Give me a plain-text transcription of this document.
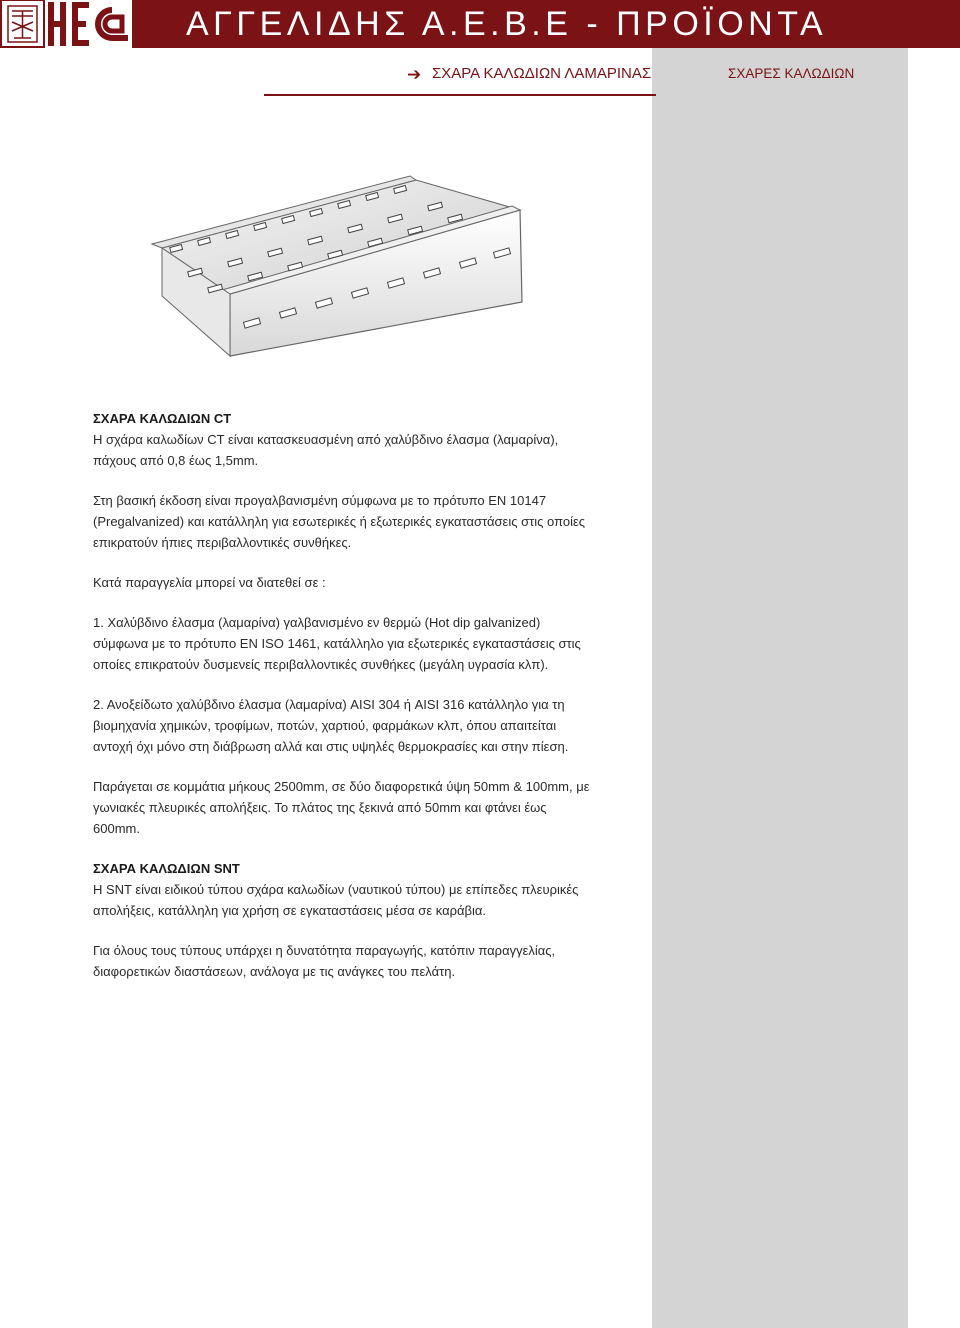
ΑΓΓΕΛΙΔΗΣ Α.Ε.Β.Ε - ΠΡΟΪΟΝΤΑ
➔ ΣΧΑΡΑ ΚΑΛΩΔΙΩΝ ΛΑΜΑΡΙΝΑΣ	ΣΧΑΡΕΣ ΚΑΛΩΔΙΩΝ
ΣΧΑΡΑ ΚΑΛΩΔΙΩΝ CT

Η σχάρα καλωδίων CT είναι κατασκευασμένη από χαλύβδινο έλασμα (λαμαρίνα), πάχους από 0,8 έως 1,5mm.

Στη βασική έκδοση είναι προγαλβανισμένη σύμφωνα με το πρότυπο EN 10147 (Pregalvanized) και κατάλληλη για εσωτερικές ή εξωτερικές εγκαταστάσεις στις οποίες επικρατούν ήπιες περιβαλλοντικές συνθήκες.

Κατά παραγγελία μπορεί να διατεθεί σε :

1. Χαλύβδινο έλασμα (λαμαρίνα) γαλβανισμένο εν θερμώ (Hot dip galvanized) σύμφωνα με το πρότυπο EN ISO 1461, κατάλληλο για εξωτερικές εγκαταστάσεις στις οποίες επικρατούν δυσμενείς περιβαλλοντικές συνθήκες (μεγάλη υγρασία κλπ).

2. Ανοξείδωτο χαλύβδινο έλασμα (λαμαρίνα) AISI 304 ή AISI 316 κατάλληλο για τη βιομηχανία χημικών, τροφίμων, ποτών, χαρτιού, φαρμάκων κλπ, όπου απαιτείται αντοχή όχι μόνο στη διάβρωση αλλά και στις υψηλές θερμοκρασίες και στην πίεση.

Παράγεται σε κομμάτια μήκους 2500mm, σε δύο διαφορετικά ύψη 50mm & 100mm, με γωνιακές πλευρικές απολήξεις. Το πλάτος της ξεκινά από 50mm και φτάνει έως 600mm.

ΣΧΑΡΑ ΚΑΛΩΔΙΩΝ SNT

Η SNT είναι ειδικού τύπου σχάρα καλωδίων (ναυτικού τύπου) με επίπεδες πλευρικές απολήξεις, κατάλληλη για χρήση σε εγκαταστάσεις μέσα σε καράβια.

Για όλους τους τύπους υπάρχει η δυνατότητα παραγωγής, κατόπιν παραγγελίας, διαφορετικών διαστάσεων, ανάλογα με τις ανάγκες του πελάτη.
